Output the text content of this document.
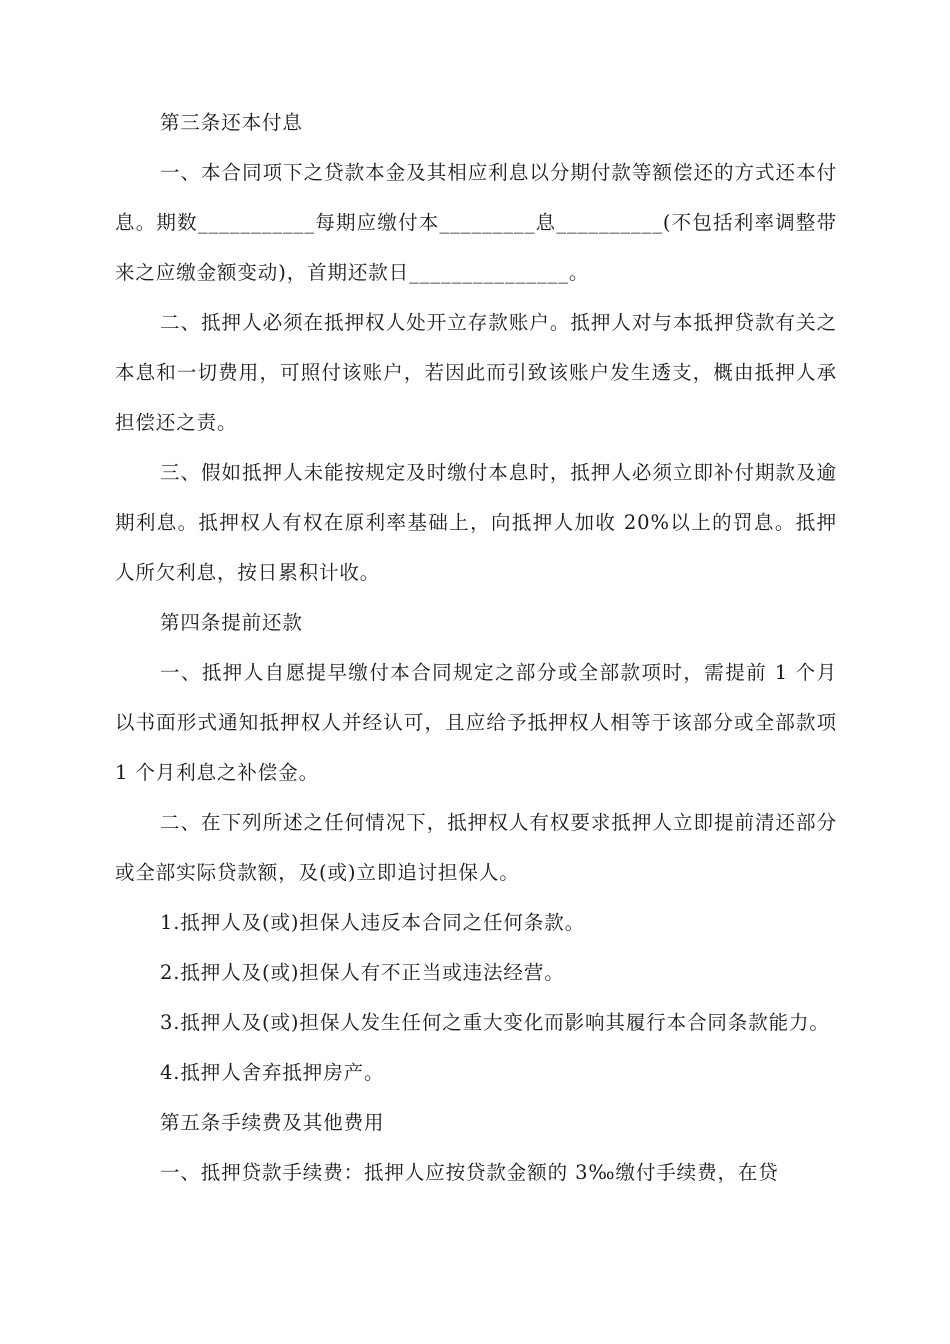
第三条还本付息

一、本合同项下之贷款本金及其相应利息以分期付款等额偿还的方式还本付息。期数___________每期应缴付本_________息__________(不包括利率调整带来之应缴金额变动)，首期还款日_______________。

二、抵押人必须在抵押权人处开立存款账户。抵押人对与本抵押贷款有关之本息和一切费用，可照付该账户，若因此而引致该账户发生透支，概由抵押人承担偿还之责。

三、假如抵押人未能按规定及时缴付本息时，抵押人必须立即补付期款及逾期利息。抵押权人有权在原利率基础上，向抵押人加收 20%以上的罚息。抵押人所欠利息，按日累积计收。

第四条提前还款

一、抵押人自愿提早缴付本合同规定之部分或全部款项时，需提前 1 个月以书面形式通知抵押权人并经认可，且应给予抵押权人相等于该部分或全部款项 1 个月利息之补偿金。

二、在下列所述之任何情况下，抵押权人有权要求抵押人立即提前清还部分或全部实际贷款额，及(或)立即追讨担保人。

1.抵押人及(或)担保人违反本合同之任何条款。

2.抵押人及(或)担保人有不正当或违法经营。

3.抵押人及(或)担保人发生任何之重大变化而影响其履行本合同条款能力。

4.抵押人舍弃抵押房产。

第五条手续费及其他费用

一、抵押贷款手续费：抵押人应按贷款金额的 3‰缴付手续费，在贷
